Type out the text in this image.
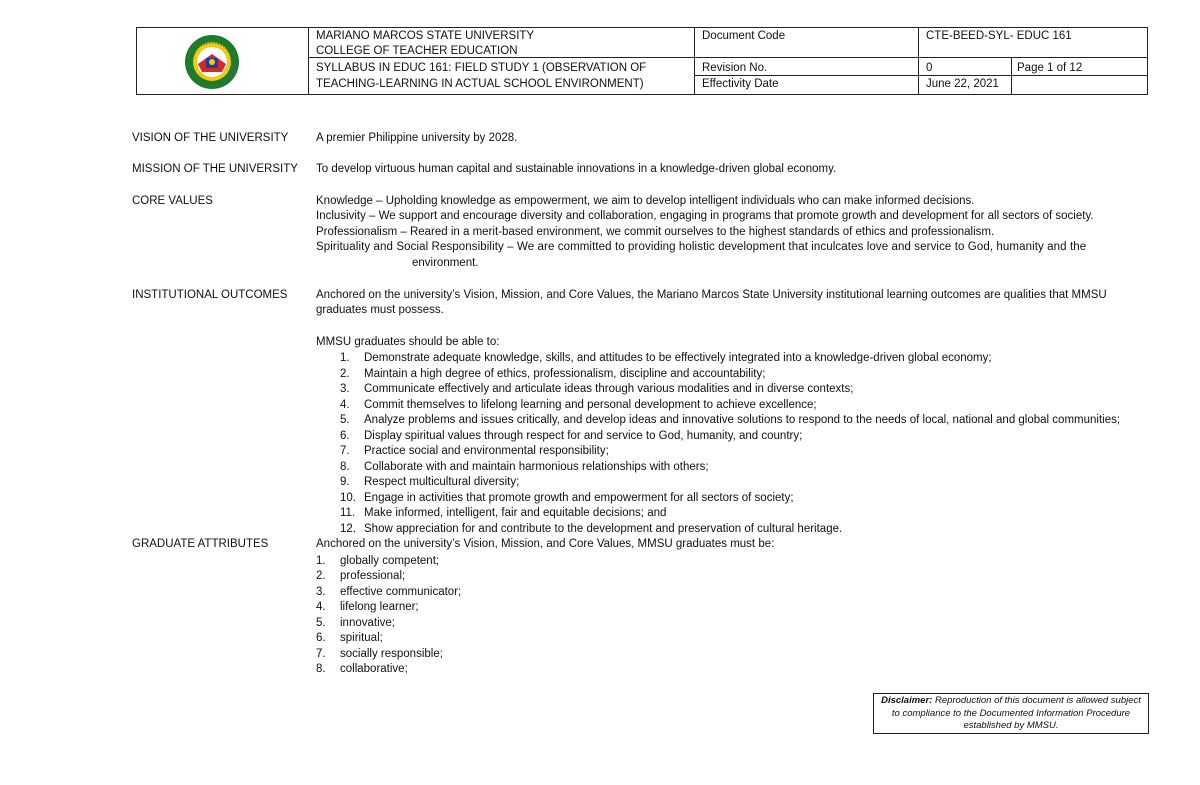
MARIANO MARCOS STATE UNIVERSITY
COLLEGE OF TEACHER EDUCATION
SYLLABUS IN EDUC 161: FIELD STUDY 1 (OBSERVATION OF
TEACHING-LEARNING IN ACTUAL SCHOOL ENVIRONMENT)
Document Code	CTE-BEED-SYL- EDUC 161
Revision No.	0	Page 1 of 12
Effectivity Date	June 22, 2021
VISION OF THE UNIVERSITY A premier Philippine university by 2028.
MISSION OF THE UNIVERSITY To develop virtuous human capital and sustainable innovations in a knowledge-driven global economy.
CORE VALUES	Knowledge – Upholding knowledge as empowerment, we aim to develop intelligent individuals who can make informed decisions.
Inclusivity – We support and encourage diversity and collaboration, engaging in programs that promote growth and development for all sectors of society.
Professionalism – Reared in a merit-based environment, we commit ourselves to the highest standards of ethics and professionalism.
Spirituality and Social Responsibility – We are committed to providing holistic development that inculcates love and service to God, humanity and the
environment.
INSTITUTIONAL OUTCOMES Anchored on the university’s Vision, Mission, and Core Values, the Mariano Marcos State University institutional learning outcomes are qualities that MMSU
graduates must possess.
MMSU graduates should be able to:
1. Demonstrate adequate knowledge, skills, and attitudes to be effectively integrated into a knowledge-driven global economy;
2. Maintain a high degree of ethics, professionalism, discipline and accountability;
3. Communicate effectively and articulate ideas through various modalities and in diverse contexts;
4. Commit themselves to lifelong learning and personal development to achieve excellence;
5. Analyze problems and issues critically, and develop ideas and innovative solutions to respond to the needs of local, national and global communities;
6. Display spiritual values through respect for and service to God, humanity, and country;
7. Practice social and environmental responsibility;
8. Collaborate with and maintain harmonious relationships with others;
9. Respect multicultural diversity;
10. Engage in activities that promote growth and empowerment for all sectors of society;
11. Make informed, intelligent, fair and equitable decisions; and
12. Show appreciation for and contribute to the development and preservation of cultural heritage.
GRADUATE ATTRIBUTES	Anchored on the university’s Vision, Mission, and Core Values, MMSU graduates must be:
1. globally competent;
2. professional;
3. effective communicator;
4. lifelong learner;
5. innovative;
6. spiritual;
7. socially responsible;
8. collaborative;
Disclaimer: Reproduction of this document is allowed subject
to compliance to the Documented Information Procedure
established by MMSU.
